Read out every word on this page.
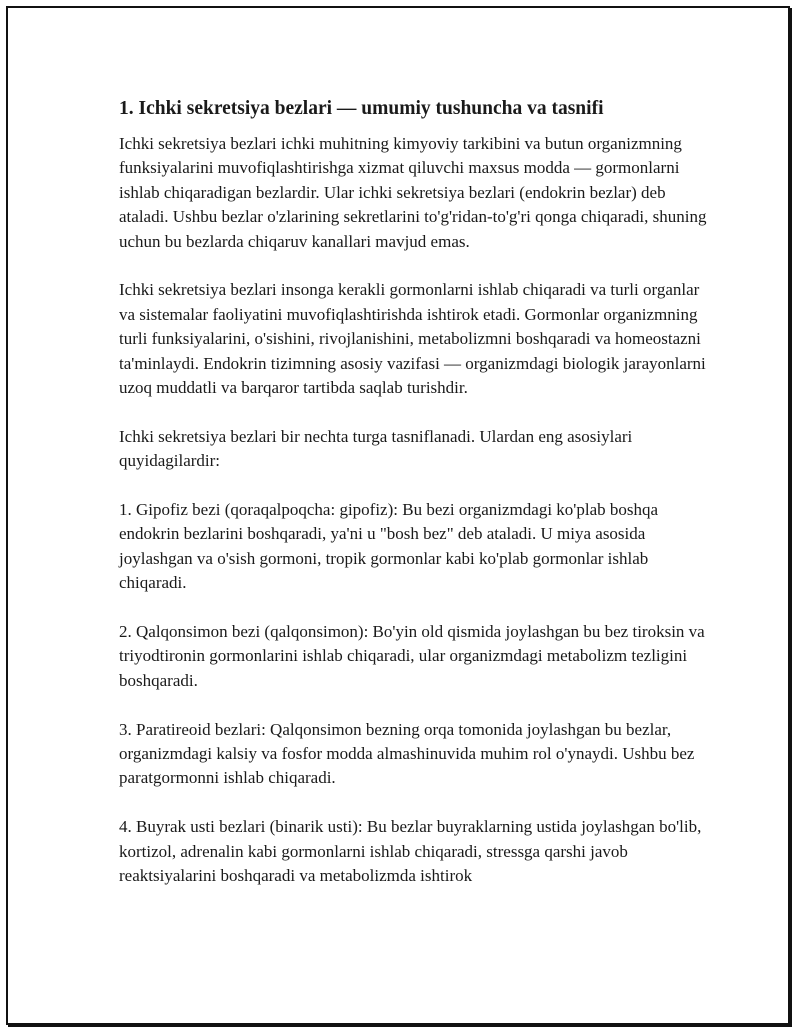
1. Ichki sekretsiya bezlari — umumiy tushuncha va tasnifi

Ichki sekretsiya bezlari ichki muhitning kimyoviy tarkibini va butun organizmning funksiyalarini muvofiqlashtirishga xizmat qiluvchi maxsus modda — gormonlarni ishlab chiqaradigan bezlardir. Ular ichki sekretsiya bezlari (endokrin bezlar) deb ataladi. Ushbu bezlar o'zlarining sekretlarini to'g'ridan-to'g'ri qonga chiqaradi, shuning uchun bu bezlarda chiqaruv kanallari mavjud emas.

Ichki sekretsiya bezlari insonga kerakli gormonlarni ishlab chiqaradi va turli organlar va sistemalar faoliyatini muvofiqlashtirishda ishtirok etadi. Gormonlar organizmning turli funksiyalarini, o'sishini, rivojlanishini, metabolizmni boshqaradi va homeostazni ta'minlaydi. Endokrin tizimning asosiy vazifasi — organizmdagi biologik jarayonlarni uzoq muddatli va barqaror tartibda saqlab turishdir.

Ichki sekretsiya bezlari bir nechta turga tasniflanadi. Ulardan eng asosiylari quyidagilardir:

1. Gipofiz bezi (qoraqalpoqcha: gipofiz): Bu bezi organizmdagi ko'plab boshqa endokrin bezlarini boshqaradi, ya'ni u "bosh bez" deb ataladi. U miya asosida joylashgan va o'sish gormoni, tropik gormonlar kabi ko'plab gormonlar ishlab chiqaradi.

2. Qalqonsimon bezi (qalqonsimon): Bo'yin old qismida joylashgan bu bez tiroksin va triyodtironin gormonlarini ishlab chiqaradi, ular organizmdagi metabolizm tezligini boshqaradi.

3. Paratireoid bezlari: Qalqonsimon bezning orqa tomonida joylashgan bu bezlar, organizmdagi kalsiy va fosfor modda almashinuvida muhim rol o'ynaydi. Ushbu bez paratgormonni ishlab chiqaradi.

4. Buyrak usti bezlari (binarik usti): Bu bezlar buyraklarning ustida joylashgan bo'lib, kortizol, adrenalin kabi gormonlarni ishlab chiqaradi, stressga qarshi javob reaktsiyalarini boshqaradi va metabolizmda ishtirok
